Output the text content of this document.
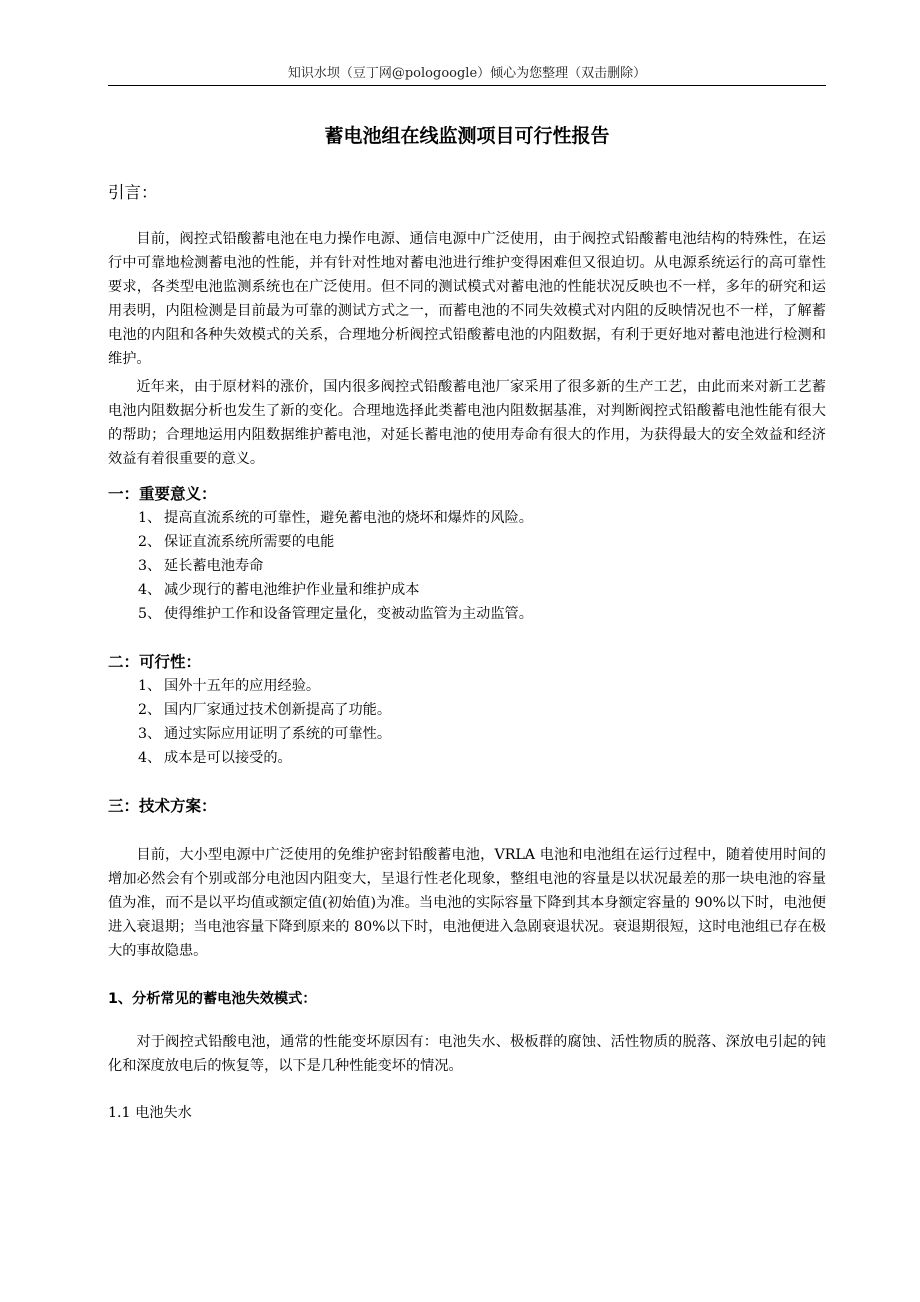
知识水坝（豆丁网@pologoogle）倾心为您整理（双击删除）
蓄电池组在线监测项目可行性报告
引言：

目前，阀控式铅酸蓄电池在电力操作电源、通信电源中广泛使用，由于阀控式铅酸蓄电池结构的特殊性，在运行中可靠地检测蓄电池的性能，并有针对性地对蓄电池进行维护变得困难但又很迫切。从电源系统运行的高可靠性要求，各类型电池监测系统也在广泛使用。但不同的测试模式对蓄电池的性能状况反映也不一样，多年的研究和运用表明，内阻检测是目前最为可靠的测试方式之一，而蓄电池的不同失效模式对内阻的反映情况也不一样，了解蓄电池的内阻和各种失效模式的关系，合理地分析阀控式铅酸蓄电池的内阻数据，有利于更好地对蓄电池进行检测和维护。

近年来，由于原材料的涨价，国内很多阀控式铅酸蓄电池厂家采用了很多新的生产工艺，由此而来对新工艺蓄电池内阻数据分析也发生了新的变化。合理地选择此类蓄电池内阻数据基准，对判断阀控式铅酸蓄电池性能有很大的帮助；合理地运用内阻数据维护蓄电池，对延长蓄电池的使用寿命有很大的作用，为获得最大的安全效益和经济效益有着很重要的意义。

一：重要意义：
1、 提高直流系统的可靠性，避免蓄电池的烧坏和爆炸的风险。
2、 保证直流系统所需要的电能
3、 延长蓄电池寿命
4、 减少现行的蓄电池维护作业量和维护成本
5、 使得维护工作和设备管理定量化，变被动监管为主动监管。
二：可行性：
1、 国外十五年的应用经验。
2、 国内厂家通过技术创新提高了功能。
3、 通过实际应用证明了系统的可靠性。
4、 成本是可以接受的。
三：技术方案：

目前，大小型电源中广泛使用的免维护密封铅酸蓄电池，VRLA 电池和电池组在运行过程中，随着使用时间的增加必然会有个别或部分电池因内阻变大，呈退行性老化现象，整组电池的容量是以状况最差的那一块电池的容量值为准，而不是以平均值或额定值(初始值)为准。当电池的实际容量下降到其本身额定容量的 90%以下时，电池便进入衰退期；当电池容量下降到原来的 80%以下时，电池便进入急剧衰退状况。衰退期很短，这时电池组已存在极大的事故隐患。

1、分析常见的蓄电池失效模式：

对于阀控式铅酸电池，通常的性能变坏原因有：电池失水、极板群的腐蚀、活性物质的脱落、深放电引起的钝化和深度放电后的恢复等，以下是几种性能变坏的情况。

1.1 电池失水
